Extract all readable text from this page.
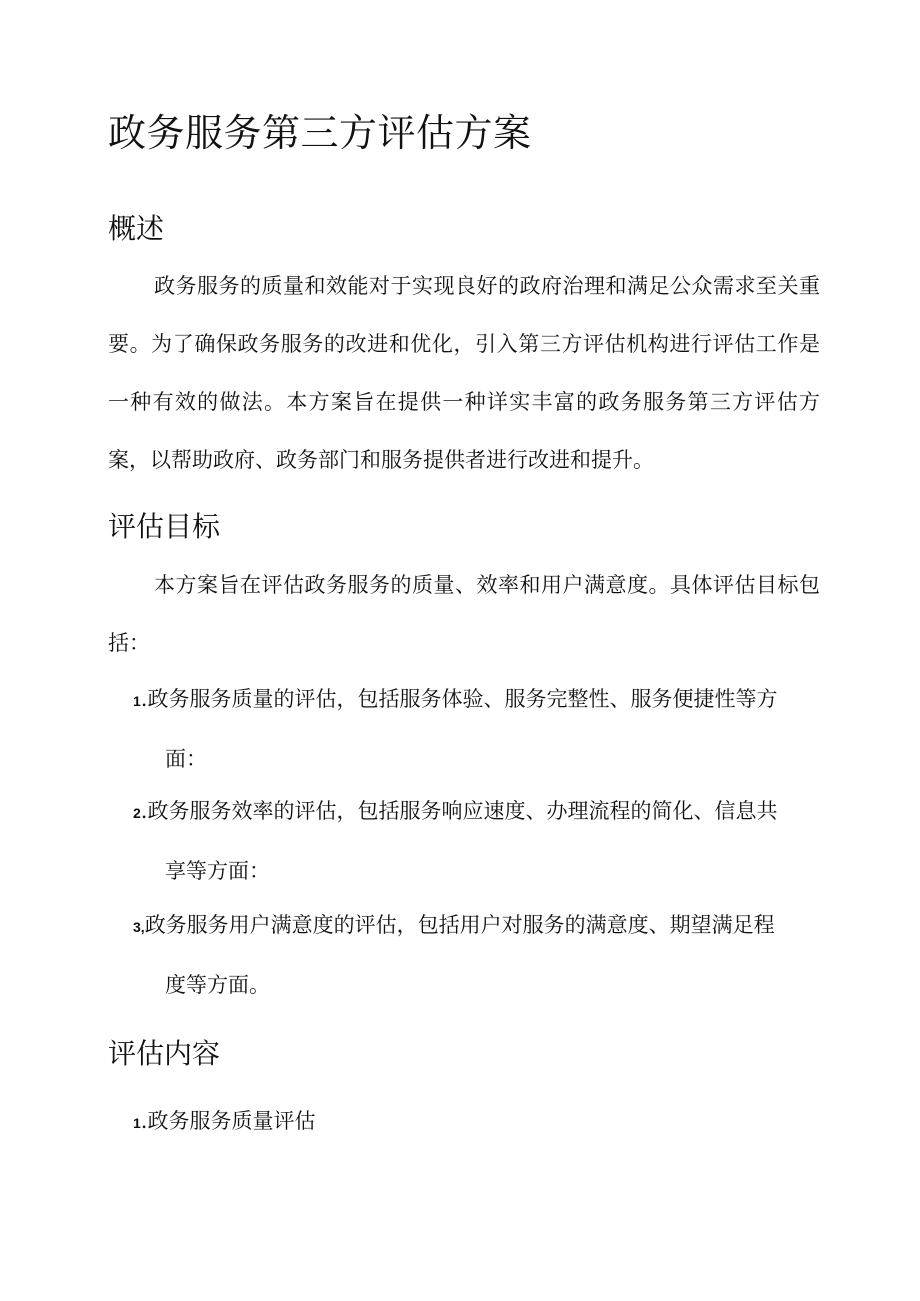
政务服务第三方评估方案
概述

政务服务的质量和效能对于实现良好的政府治理和满足公众需求至关重要。为了确保政务服务的改进和优化，引入第三方评估机构进行评估工作是一种有效的做法。本方案旨在提供一种详实丰富的政务服务第三方评估方案，以帮助政府、政务部门和服务提供者进行改进和提升。

评估目标

本方案旨在评估政务服务的质量、效率和用户满意度。具体评估目标包括：

1.政务服务质量的评估，包括服务体验、服务完整性、服务便捷性等方
面：
2.政务服务效率的评估，包括服务响应速度、办理流程的简化、信息共
享等方面：
3,政务服务用户满意度的评估，包括用户对服务的满意度、期望满足程
度等方面。
评估内容
1.政务服务质量评估
